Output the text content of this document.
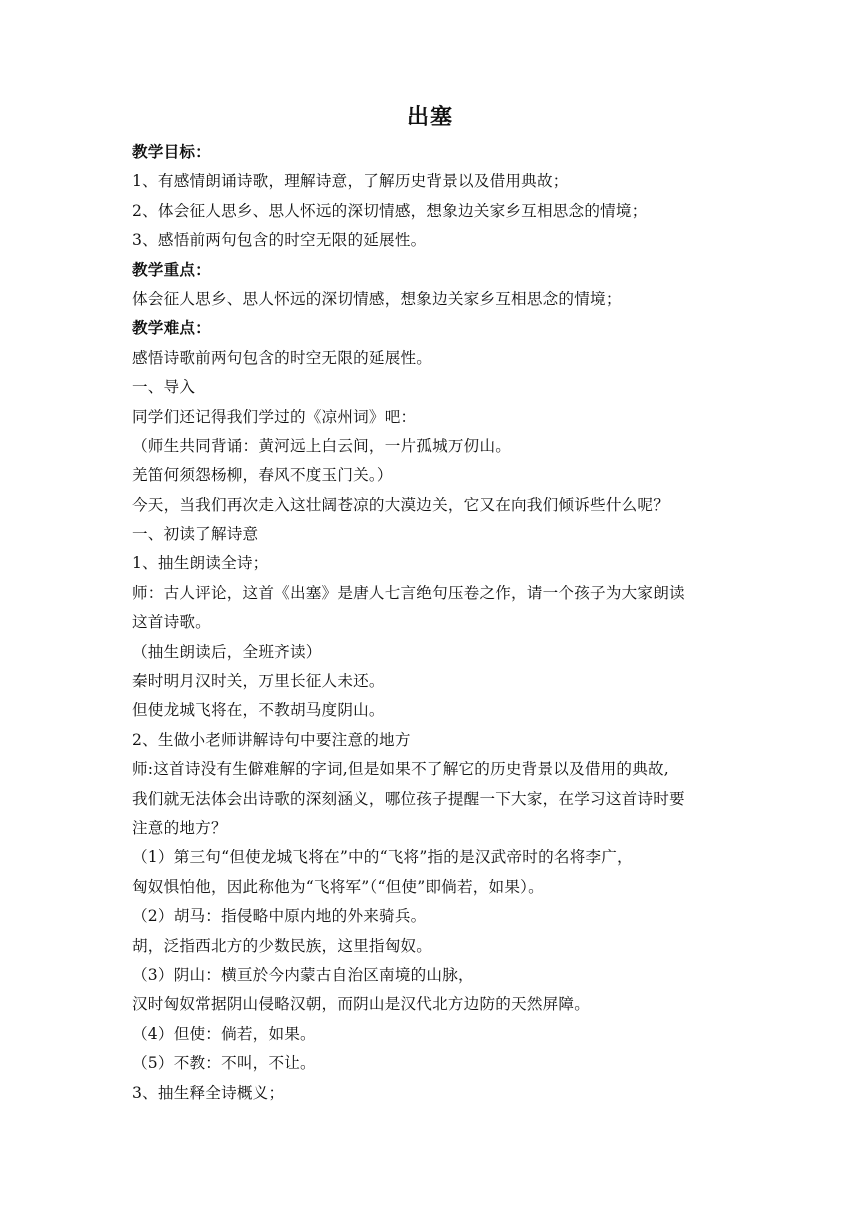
出塞
教学目标：
1、有感情朗诵诗歌，理解诗意，了解历史背景以及借用典故；
2、体会征人思乡、思人怀远的深切情感，想象边关家乡互相思念的情境；
3、感悟前两句包含的时空无限的延展性。
教学重点：
体会征人思乡、思人怀远的深切情感，想象边关家乡互相思念的情境；
教学难点：
感悟诗歌前两句包含的时空无限的延展性。
一、导入
同学们还记得我们学过的《凉州词》吧：
（师生共同背诵：黄河远上白云间，一片孤城万仞山。
羌笛何须怨杨柳，春风不度玉门关。）
今天，当我们再次走入这壮阔苍凉的大漠边关，它又在向我们倾诉些什么呢？
一、初读了解诗意
1、抽生朗读全诗；
师：古人评论，这首《出塞》是唐人七言绝句压卷之作，请一个孩子为大家朗读
这首诗歌。
（抽生朗读后，全班齐读）
秦时明月汉时关，万里长征人未还。
但使龙城飞将在，不教胡马度阴山。
2、生做小老师讲解诗句中要注意的地方
师:这首诗没有生僻难解的字词,但是如果不了解它的历史背景以及借用的典故,
我们就无法体会出诗歌的深刻涵义，哪位孩子提醒一下大家，在学习这首诗时要
注意的地方？
（1）第三句“但使龙城飞将在”中的“飞将”指的是汉武帝时的名将李广，
匈奴惧怕他，因此称他为“飞将军”（“但使”即倘若，如果）。
（2）胡马：指侵略中原内地的外来骑兵。
胡，泛指西北方的少数民族，这里指匈奴。
（3）阴山：横亘於今内蒙古自治区南境的山脉，
汉时匈奴常据阴山侵略汉朝，而阴山是汉代北方边防的天然屏障。
（4）但使：倘若，如果。
（5）不教：不叫，不让。
3、抽生释全诗概义；
